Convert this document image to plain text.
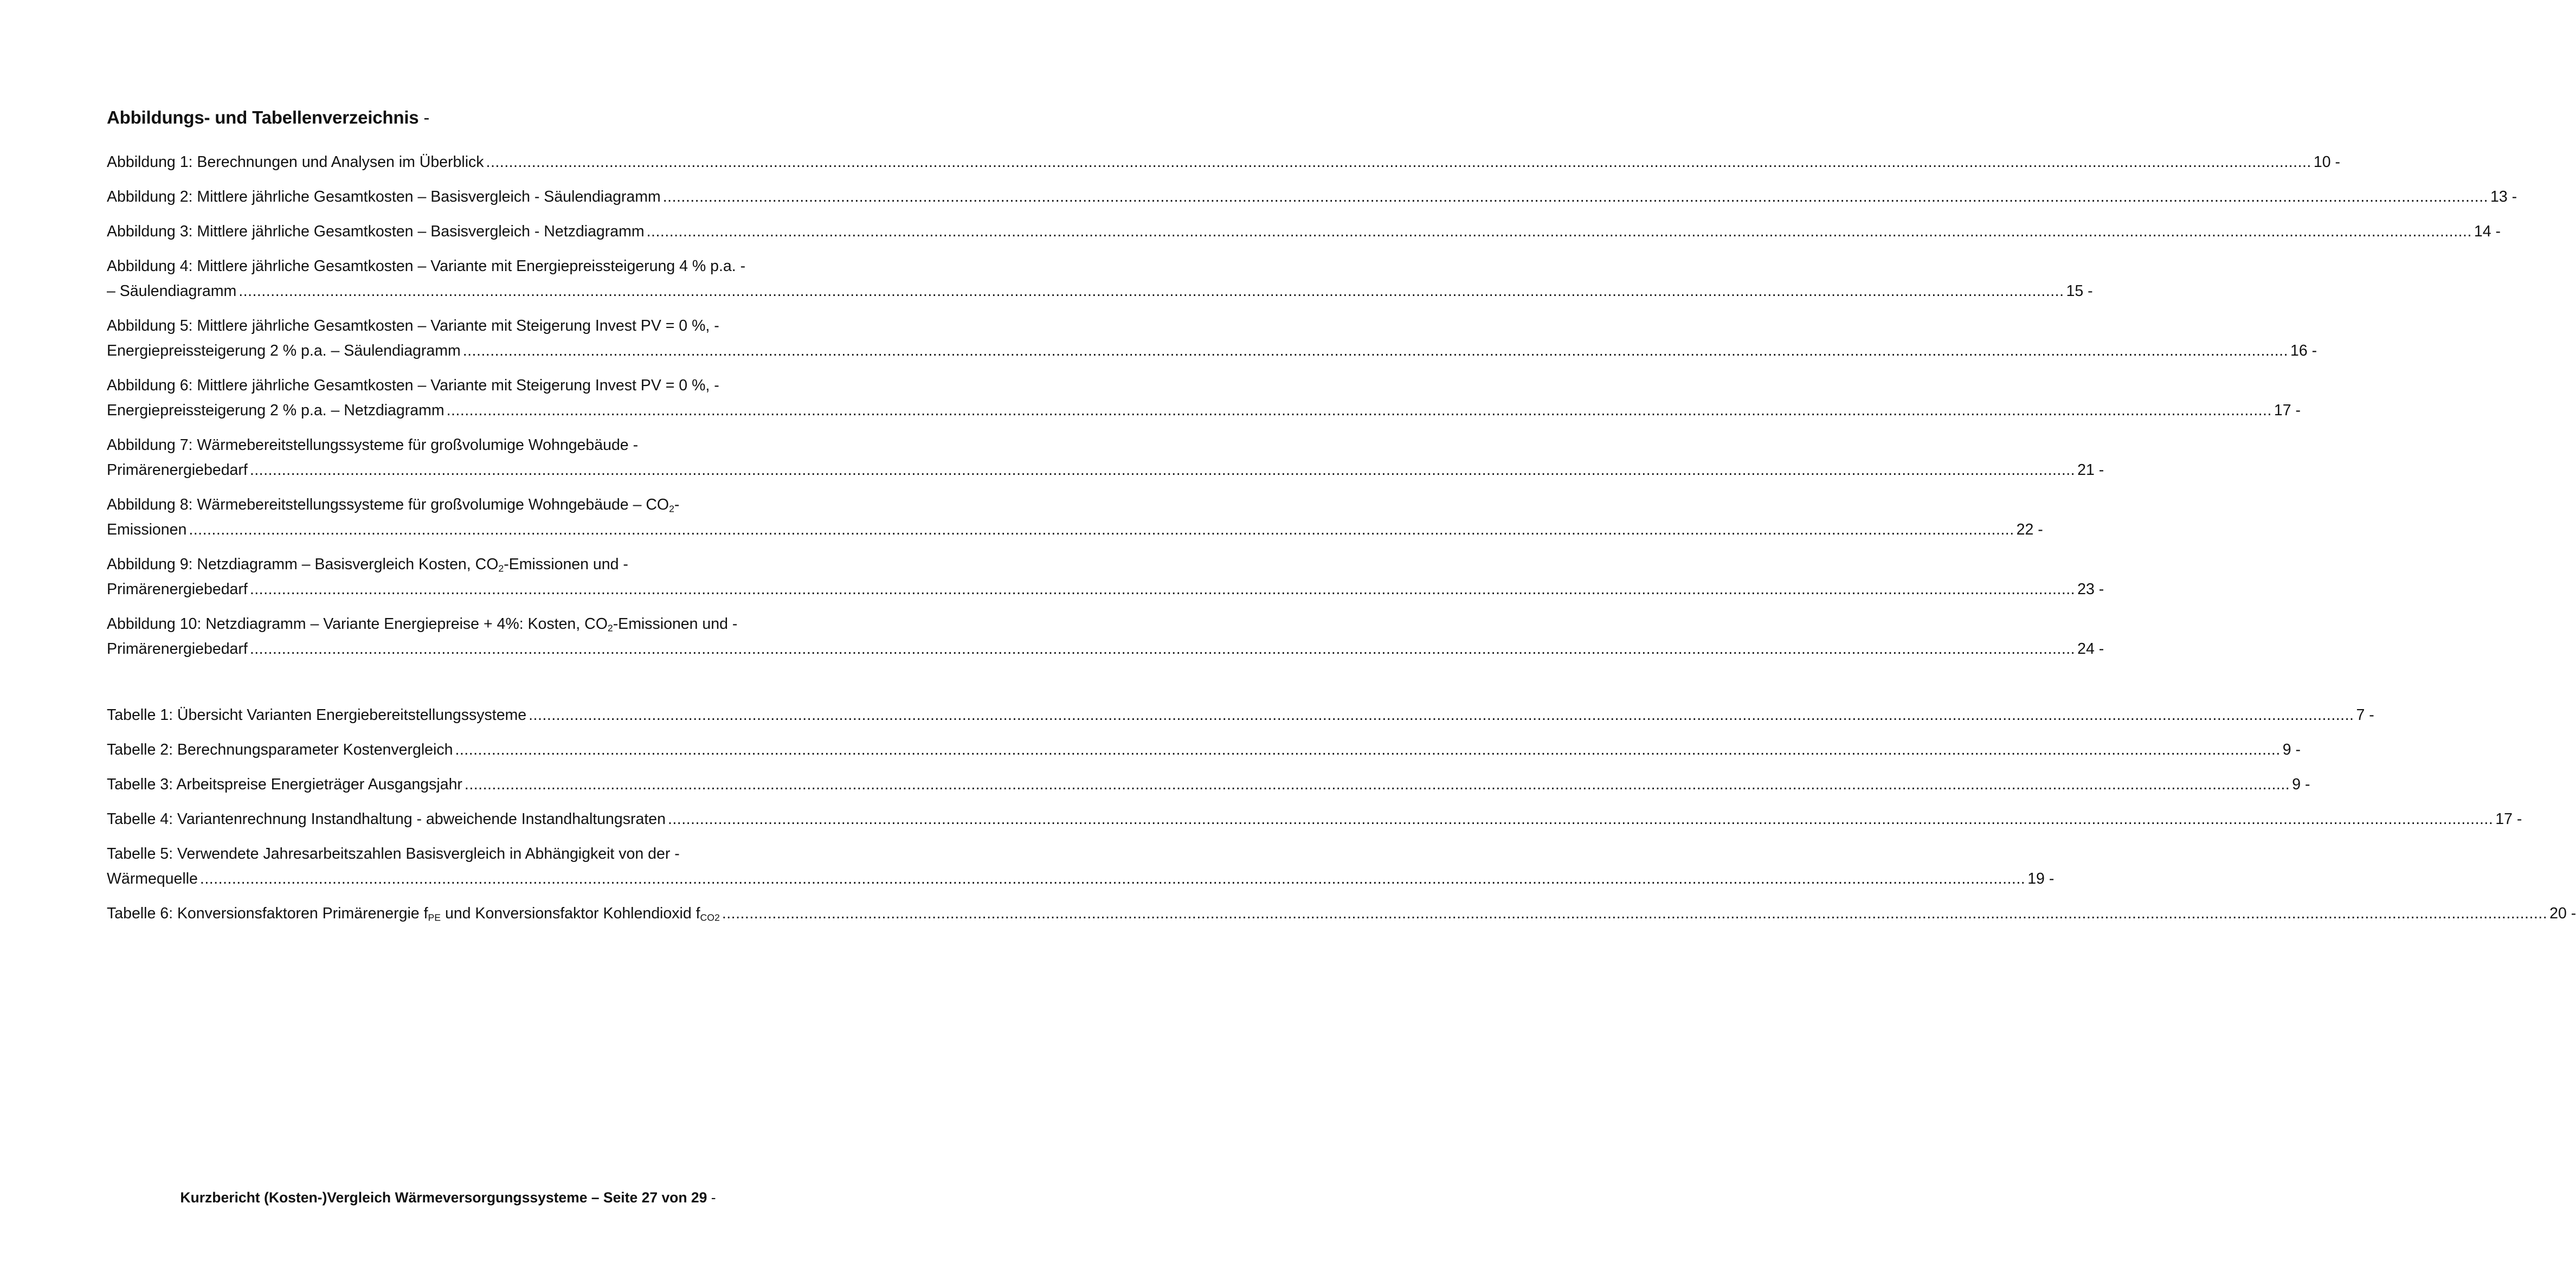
Abbildungs- und Tabellenverzeichnis -
Abbildung 1: Berechnungen und Analysen im Überblick ................................................................................................................................................................................................................................................................................................................................................................................................................ 10 -
Abbildung 2: Mittlere jährliche Gesamtkosten – Basisvergleich - Säulendiagramm ................................................................................................................................................................................................................................................................................................................................................................................................................ 13 -
Abbildung 3: Mittlere jährliche Gesamtkosten – Basisvergleich - Netzdiagramm ................................................................................................................................................................................................................................................................................................................................................................................................................ 14 -
Abbildung 4: Mittlere jährliche Gesamtkosten – Variante mit Energiepreissteigerung 4 % p.a. -
– Säulendiagramm ................................................................................................................................................................................................................................................................................................................................................................................................................ 15 -
Abbildung 5: Mittlere jährliche Gesamtkosten – Variante mit Steigerung Invest PV = 0 %, -
Energiepreissteigerung 2 % p.a. – Säulendiagramm ................................................................................................................................................................................................................................................................................................................................................................................................................ 16 -
Abbildung 6: Mittlere jährliche Gesamtkosten – Variante mit Steigerung Invest PV = 0 %, -
Energiepreissteigerung 2 % p.a. – Netzdiagramm ................................................................................................................................................................................................................................................................................................................................................................................................................ 17 -
Abbildung 7: Wärmebereitstellungssysteme für großvolumige Wohngebäude -
Primärenergiebedarf ................................................................................................................................................................................................................................................................................................................................................................................................................ 21 -
Abbildung 8: Wärmebereitstellungssysteme für großvolumige Wohngebäude – $CO_2-$
Emissionen ................................................................................................................................................................................................................................................................................................................................................................................................................ 22 -
Abbildung 9: Netzdiagramm – Basisvergleich Kosten, $CO_2$-Emissionen und -
Primärenergiebedarf ................................................................................................................................................................................................................................................................................................................................................................................................................ 23 -
Abbildung 10: Netzdiagramm – Variante Energiepreise + 4%: Kosten, $CO_2$-Emissionen und -
Primärenergiebedarf ................................................................................................................................................................................................................................................................................................................................................................................................................ 24 -
Tabelle 1: Übersicht Varianten Energiebereitstellungssysteme ................................................................................................................................................................................................................................................................................................................................................................................................................ 7 -
Tabelle 2: Berechnungsparameter Kostenvergleich ................................................................................................................................................................................................................................................................................................................................................................................................................ 9 -
Tabelle 3: Arbeitspreise Energieträger Ausgangsjahr ................................................................................................................................................................................................................................................................................................................................................................................................................ 9 -
Tabelle 4: Variantenrechnung Instandhaltung - abweichende Instandhaltungsraten ................................................................................................................................................................................................................................................................................................................................................................................................................ 17 -
Tabelle 5: Verwendete Jahresarbeitszahlen Basisvergleich in Abhängigkeit von der -
Wärmequelle ................................................................................................................................................................................................................................................................................................................................................................................................................ 19 -
Tabelle 6: Konversionsfaktoren Primärenergie $f_{PE}$ und Konversionsfaktor Kohlendioxid $f_{CO2}$ ................................................................................................................................................................................................................................................................................................................................................................................................................ 20 -
Kurzbericht (Kosten-)Vergleich Wärmeversorgungssysteme – Seite 27 von 29 -
